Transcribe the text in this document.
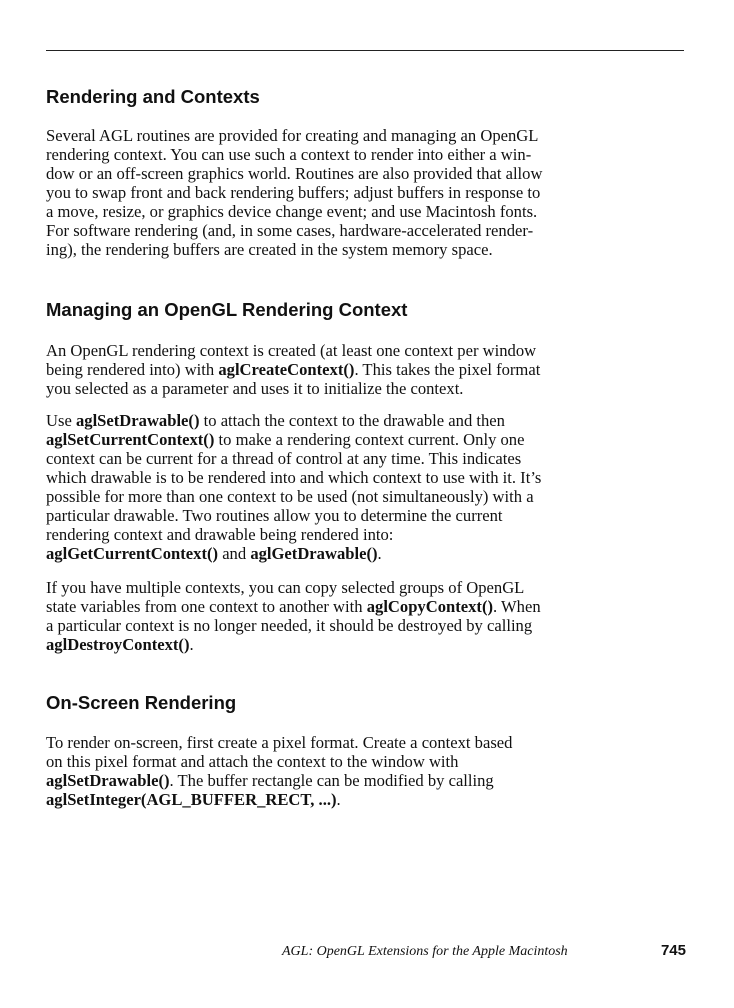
Rendering and Contexts
Several AGL routines are provided for creating and managing an OpenGL
rendering context. You can use such a context to render into either a win-
dow or an off-screen graphics world. Routines are also provided that allow
you to swap front and back rendering buffers; adjust buffers in response to
a move, resize, or graphics device change event; and use Macintosh fonts.
For software rendering (and, in some cases, hardware-accelerated render-
ing), the rendering buffers are created in the system memory space.
Managing an OpenGL Rendering Context
An OpenGL rendering context is created (at least one context per window
being rendered into) with aglCreateContext(). This takes the pixel format
you selected as a parameter and uses it to initialize the context.
Use aglSetDrawable() to attach the context to the drawable and then
aglSetCurrentContext() to make a rendering context current. Only one
context can be current for a thread of control at any time. This indicates
which drawable is to be rendered into and which context to use with it. It’s
possible for more than one context to be used (not simultaneously) with a
particular drawable. Two routines allow you to determine the current
rendering context and drawable being rendered into:
aglGetCurrentContext() and aglGetDrawable().
If you have multiple contexts, you can copy selected groups of OpenGL
state variables from one context to another with aglCopyContext(). When
a particular context is no longer needed, it should be destroyed by calling
aglDestroyContext().
On-Screen Rendering
To render on-screen, first create a pixel format. Create a context based
on this pixel format and attach the context to the window with
aglSetDrawable(). The buffer rectangle can be modified by calling
aglSetInteger(AGL_BUFFER_RECT, ...).
AGL: OpenGL Extensions for the Apple Macintosh	745
